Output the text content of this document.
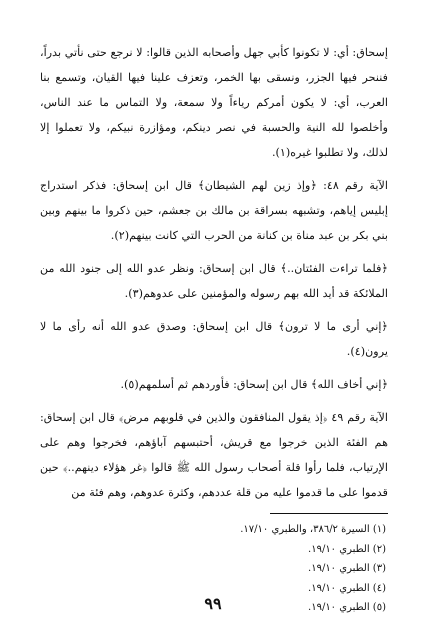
إسحاق: أي: لا تكونوا كأبي جهل وأصحابه الذين قالوا: لا نرجع حتى نأتي بدراً، فننحر فيها الجزر، ونسقى بها الخمر، وتعزف علينا فيها القيان، وتسمع بنا العرب، أي: لا يكون أمركم رياءاً ولا سمعة، ولا التماس ما عند الناس، وأخلصوا لله النية والحسبة في نصر دينكم، ومؤازرة نبيكم، ولا تعملوا إلا لذلك، ولا تطلبوا غيره(١).

الآية رقم ٤٨: ﴿وإذ زين لهم الشيطان﴾ قال ابن إسحاق: فذكر استدراج إبليس إياهم، وتشبهه بسراقة بن مالك بن جعشم، حين ذكروا ما بينهم وبين بني بكر بن عبد مناة بن كنانة من الحرب التي كانت بينهم(٢).

﴿فلما تراءت الفئتان..﴾ قال ابن إسحاق: ونظر عدو الله إلى جنود الله من الملائكة قد أيد الله بهم رسوله والمؤمنين على عدوهم(٣).

﴿إني أرى ما لا ترون﴾ قال ابن إسحاق: وصدق عدو الله أنه رأى ما لا يرون(٤).

﴿إني أخاف الله﴾ قال ابن إسحاق: فأوردهم ثم أسلمهم(٥).

الآية رقم ٤٩ ﴿إذ يقول المنافقون والذين في قلوبهم مرض﴾ قال ابن إسحاق: هم الفئة الذين خرجوا مع قريش، أحتبسهم آباؤهم، فخرجوا وهم على الإرتياب، فلما رأوا قلة أصحاب رسول الله ﷺ قالوا ﴿غر هؤلاء دينهم..﴾ حين قدموا على ما قدموا عليه من قلة عددهم، وكثرة عدوهم، وهم فئة من

(١) السيرة ٣٨٦/٢، والطبري ١٧/١٠.
(٢) الطبري ١٩/١٠.
(٣) الطبري ١٩/١٠.
(٤) الطبري ١٩/١٠.
(٥) الطبري ١٩/١٠.
٩٩
